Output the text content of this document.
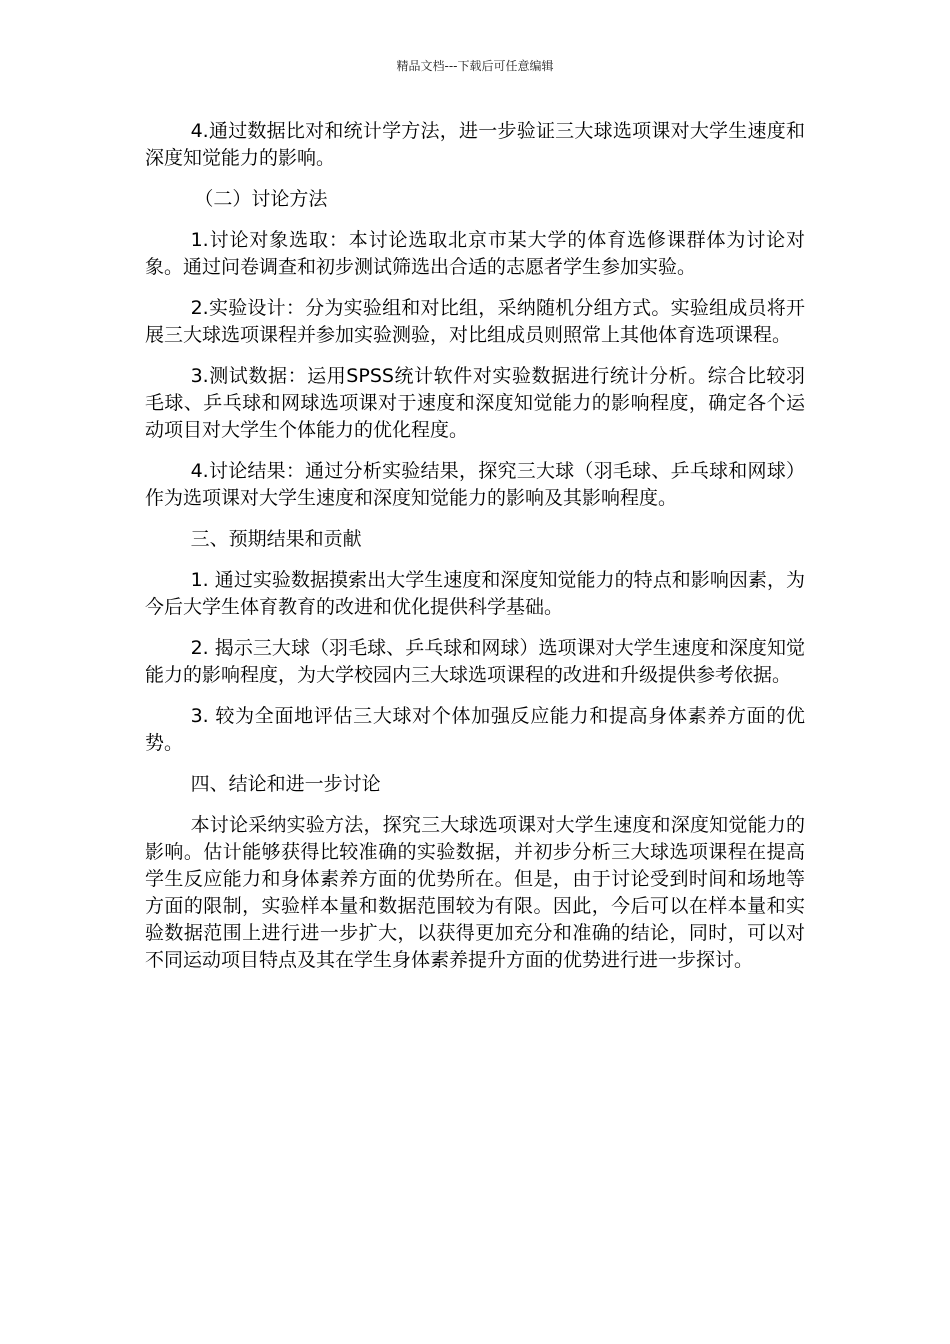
精品文档---下载后可任意编辑

4.通过数据比对和统计学方法，进一步验证三大球选项课对大学生速度和深度知觉能力的影响。

（二）讨论方法

1.讨论对象选取：本讨论选取北京市某大学的体育选修课群体为讨论对象。通过问卷调查和初步测试筛选出合适的志愿者学生参加实验。

2.实验设计：分为实验组和对比组，采纳随机分组方式。实验组成员将开展三大球选项课程并参加实验测验，对比组成员则照常上其他体育选项课程。

3.测试数据：运用SPSS统计软件对实验数据进行统计分析。综合比较羽毛球、乒乓球和网球选项课对于速度和深度知觉能力的影响程度，确定各个运动项目对大学生个体能力的优化程度。

4.讨论结果：通过分析实验结果，探究三大球（羽毛球、乒乓球和网球）作为选项课对大学生速度和深度知觉能力的影响及其影响程度。

三、预期结果和贡献

1. 通过实验数据摸索出大学生速度和深度知觉能力的特点和影响因素，为今后大学生体育教育的改进和优化提供科学基础。

2. 揭示三大球（羽毛球、乒乓球和网球）选项课对大学生速度和深度知觉能力的影响程度，为大学校园内三大球选项课程的改进和升级提供参考依据。

3. 较为全面地评估三大球对个体加强反应能力和提高身体素养方面的优势。

四、结论和进一步讨论

本讨论采纳实验方法，探究三大球选项课对大学生速度和深度知觉能力的影响。估计能够获得比较准确的实验数据，并初步分析三大球选项课程在提高学生反应能力和身体素养方面的优势所在。但是，由于讨论受到时间和场地等方面的限制，实验样本量和数据范围较为有限。因此，今后可以在样本量和实验数据范围上进行进一步扩大，以获得更加充分和准确的结论，同时，可以对不同运动项目特点及其在学生身体素养提升方面的优势进行进一步探讨。
